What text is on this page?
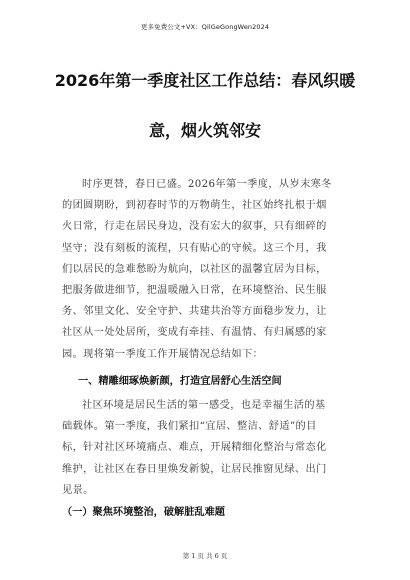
更多免费公文+VX：QilGeGongWen2024
2026年第一季度社区工作总结：春风织暖
意，烟火筑邻安
时序更替，春日已盛。2026年第一季度，从岁末寒冬
的团圆期盼，到初春时节的万物萌生，社区始终扎根于烟
火日常，行走在居民身边，没有宏大的叙事，只有细碎的
坚守；没有刻板的流程，只有贴心的守候。这三个月，我
们以居民的急难愁盼为航向，以社区的温馨宜居为目标，
把服务做进细节，把温暖融入日常，在环境整治、民生服
务、邻里文化、安全守护、共建共治等方面稳步发力，让
社区从一处处居所，变成有牵挂、有温情、有归属感的家
园。现将第一季度工作开展情况总结如下：
一、精雕细琢焕新颜，打造宜居舒心生活空间
社区环境是居民生活的第一感受，也是幸福生活的基
础载体。第一季度，我们紧扣“宜居、整洁、舒适”的目
标，针对社区环境痛点、难点，开展精细化整治与常态化
维护，让社区在春日里焕发新貌，让居民推窗见绿、出门
见景。
（一）聚焦环境整治，破解脏乱难题
第 1 页 共 6 页
